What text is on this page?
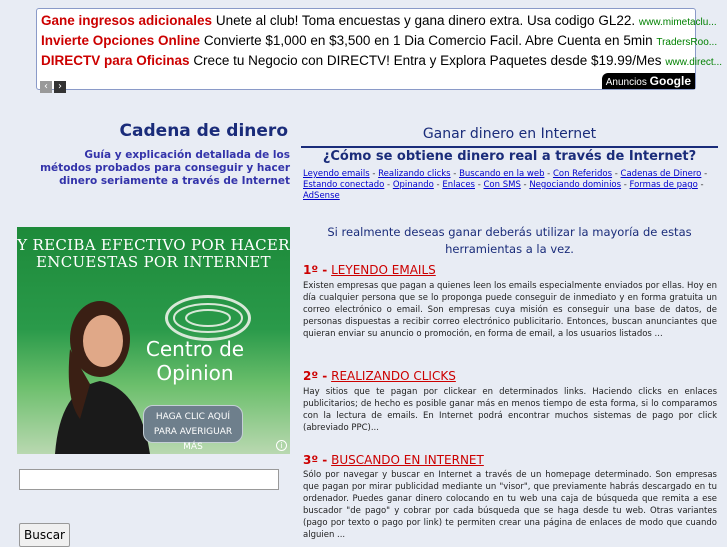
Gane ingresos adicionales Unete al club! Toma encuestas y gana dinero extra. Usa codigo GL22. www.mimetaclu...
Invierte Opciones Online Convierte $1,000 en $3,500 en 1 Dia Comercio Facil. Abre Cuenta en 5min TradersRoo...
DIRECTV para Oficinas Crece tu Negocio con DIRECTV! Entra y Explora Paquetes desde $19.99/Mes www.direct...
‹ ›	Anuncios Google
Cadena de dinero
Guía y explicación detallada de los métodos probados para conseguir y hacer dinero seriamente a través de Internet
Y RECIBA EFECTIVO POR HACER ENCUESTAS POR INTERNET
Centro de Opinion
HAGA CLIC AQUÍ PARA AVERIGUAR MÁS	i
Buscar
Ganar dinero en Internet
¿Cómo se obtiene dinero real a través de Internet?
Leyendo emails - Realizando clicks - Buscando en la web - Con Referidos - Cadenas de Dinero - Estando conectado - Opinando - Enlaces - Con SMS - Negociando dominios - Formas de pago - AdSense
Si realmente deseas ganar deberás utilizar la mayoría de estas herramientas a la vez.
1º - LEYENDO EMAILS
Existen empresas que pagan a quienes leen los emails especialmente enviados por ellas. Hoy en día cualquier persona que se lo proponga puede conseguir de inmediato y en forma gratuita un correo electrónico o email. Son empresas cuya misión es conseguir una base de datos, de personas dispuestas a recibir correo electrónico publicitario. Entonces, buscan anunciantes que quieran enviar su anuncio o promoción, en forma de email, a los usuarios listados ...
2º - REALIZANDO CLICKS
Hay sitios que te pagan por clickear en determinados links. Haciendo clicks en enlaces publicitarios; de hecho es posible ganar más en menos tiempo de esta forma, si lo comparamos con la lectura de emails. En Internet podrá encontrar muchos sistemas de pago por click (abreviado PPC)...
3º - BUSCANDO EN INTERNET
Sólo por navegar y buscar en Internet a través de un homepage determinado. Son empresas que pagan por mirar publicidad mediante un "visor", que previamente habrás descargado en tu ordenador. Puedes ganar dinero colocando en tu web una caja de búsqueda que remita a ese buscador "de pago" y cobrar por cada búsqueda que se haga desde tu web. Otras variantes (pago por texto o pago por link) te permiten crear una página de enlaces de modo que cuando alguien ...
